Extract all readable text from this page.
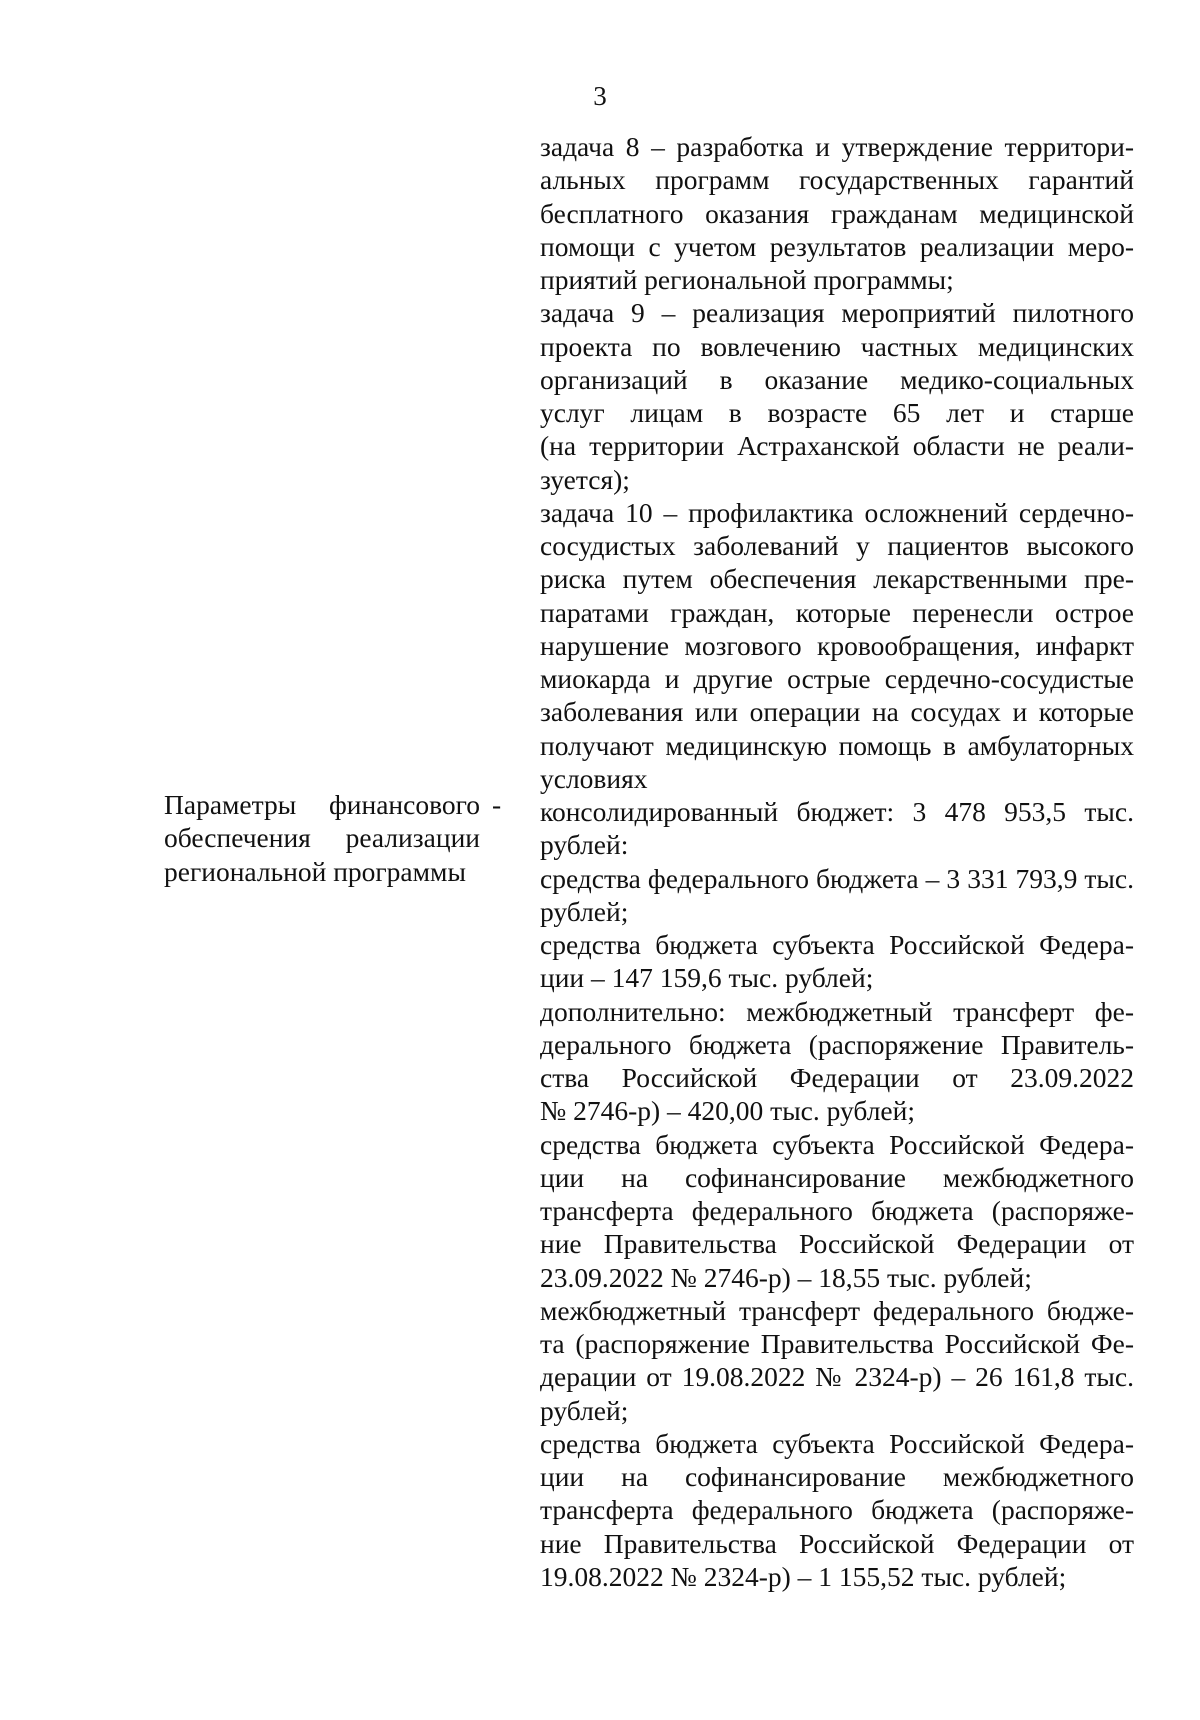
3
Параметры финансового
обеспечения реализации
региональной программы
-
задача 8 – разработка и утверждение территори-
альных программ государственных гарантий
бесплатного оказания гражданам медицинской
помощи с учетом результатов реализации меро-
приятий региональной программы;
задача 9 – реализация мероприятий пилотного
проекта по вовлечению частных медицинских
организаций в оказание медико-социальных
услуг лицам в возрасте 65 лет и старше
(на территории Астраханской области не реали-
зуется);
задача 10 – профилактика осложнений сердечно-
сосудистых заболеваний у пациентов высокого
риска путем обеспечения лекарственными пре-
паратами граждан, которые перенесли острое
нарушение мозгового кровообращения, инфаркт
миокарда и другие острые сердечно-сосудистые
заболевания или операции на сосудах и которые
получают медицинскую помощь в амбулаторных
условиях
консолидированный бюджет: 3 478 953,5 тыс.
рублей:
средства федерального бюджета – 3 331 793,9 тыс.
рублей;
средства бюджета субъекта Российской Федера-
ции – 147 159,6 тыс. рублей;
дополнительно: межбюджетный трансферт фе-
дерального бюджета (распоряжение Правитель-
ства Российской Федерации от 23.09.2022
№ 2746-р) – 420,00 тыс. рублей;
средства бюджета субъекта Российской Федера-
ции на софинансирование межбюджетного
трансферта федерального бюджета (распоряже-
ние Правительства Российской Федерации от
23.09.2022 № 2746-р) – 18,55 тыс. рублей;
межбюджетный трансферт федерального бюдже-
та (распоряжение Правительства Российской Фе-
дерации от 19.08.2022 № 2324-р) – 26 161,8 тыс.
рублей;
средства бюджета субъекта Российской Федера-
ции на софинансирование межбюджетного
трансферта федерального бюджета (распоряже-
ние Правительства Российской Федерации от
19.08.2022 № 2324-р) – 1 155,52 тыс. рублей;
